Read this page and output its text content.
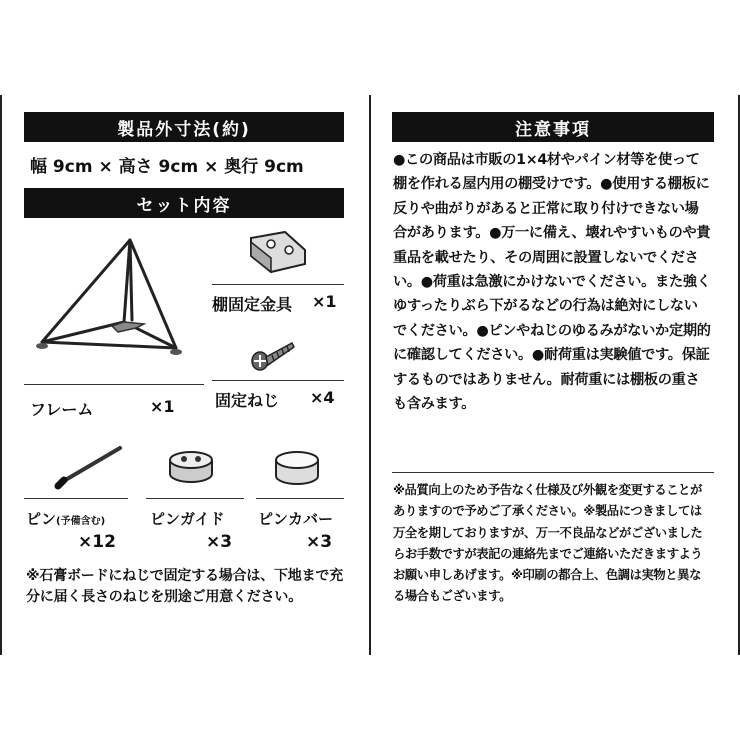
製品外寸法(約)
幅 9cm × 高さ 9cm × 奥行 9cm
セット内容
棚固定金具 ×1
固定ねじ ×4
フレーム	×1
ピン(予備含む)
×12
ピンガイド
×3
ピンカバー
×3
※石膏ボードにねじで固定する場合は、下地まで充分に届く長さのねじを別途ご用意ください。
注意事項
●この商品は市販の1×4材やパイン材等を使って棚を作れる屋内用の棚受けです。●使用する棚板に反りや曲がりがあると正常に取り付けできない場合があります。●万一に備え、壊れやすいものや貴重品を載せたり、その周囲に設置しないでください。●荷重は急激にかけないでください。また強くゆすったりぶら下がるなどの行為は絶対にしないでください。●ピンやねじのゆるみがないか定期的に確認してください。●耐荷重は実験値です。保証するものではありません。耐荷重には棚板の重さも含みます。
※品質向上のため予告なく仕様及び外観を変更することがありますので予めご了承ください。※製品につきましては万全を期しておりますが、万一不良品などがございましたらお手数ですが表記の連絡先までご連絡いただきますようお願い申しあげます。※印刷の都合上、色調は実物と異なる場合もございます。
